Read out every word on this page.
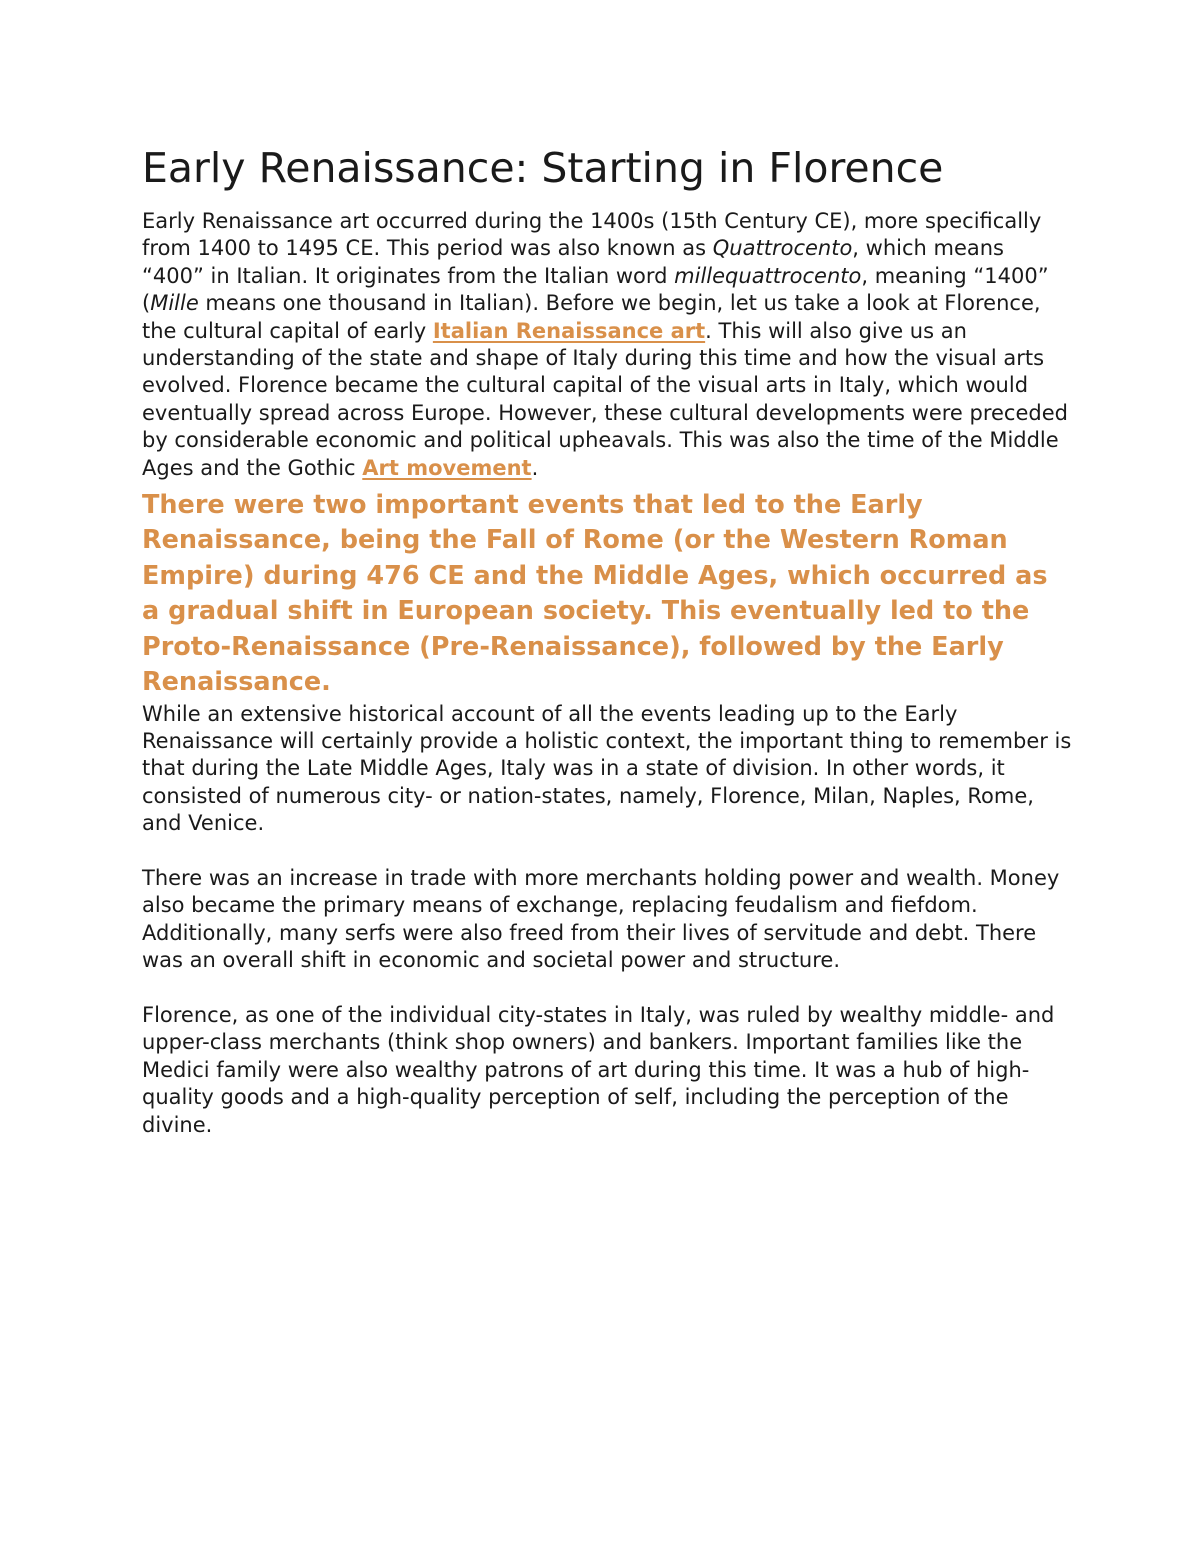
Early Renaissance: Starting in Florence

Early Renaissance art occurred during the 1400s (15th Century CE), more specifically from 1400 to 1495 CE. This period was also known as Quattrocento, which means “400” in Italian. It originates from the Italian word millequattrocento, meaning “1400” (Mille means one thousand in Italian). Before we begin, let us take a look at Florence, the cultural capital of early Italian Renaissance art. This will also give us an understanding of the state and shape of Italy during this time and how the visual arts evolved. Florence became the cultural capital of the visual arts in Italy, which would eventually spread across Europe. However, these cultural developments were preceded by considerable economic and political upheavals. This was also the time of the Middle Ages and the Gothic Art movement.

There were two important events that led to the Early Renaissance, being the Fall of Rome (or the Western Roman Empire) during 476 CE and the Middle Ages, which occurred as a gradual shift in European society. This eventually led to the Proto-Renaissance (Pre-Renaissance), followed by the Early Renaissance.

While an extensive historical account of all the events leading up to the Early Renaissance will certainly provide a holistic context, the important thing to remember is that during the Late Middle Ages, Italy was in a state of division. In other words, it consisted of numerous city- or nation-states, namely, Florence, Milan, Naples, Rome, and Venice.

There was an increase in trade with more merchants holding power and wealth. Money also became the primary means of exchange, replacing feudalism and fiefdom. Additionally, many serfs were also freed from their lives of servitude and debt. There was an overall shift in economic and societal power and structure.

Florence, as one of the individual city-states in Italy, was ruled by wealthy middle- and upper-class merchants (think shop owners) and bankers. Important families like the Medici family were also wealthy patrons of art during this time. It was a hub of high-quality goods and a high-quality perception of self, including the perception of the divine.
